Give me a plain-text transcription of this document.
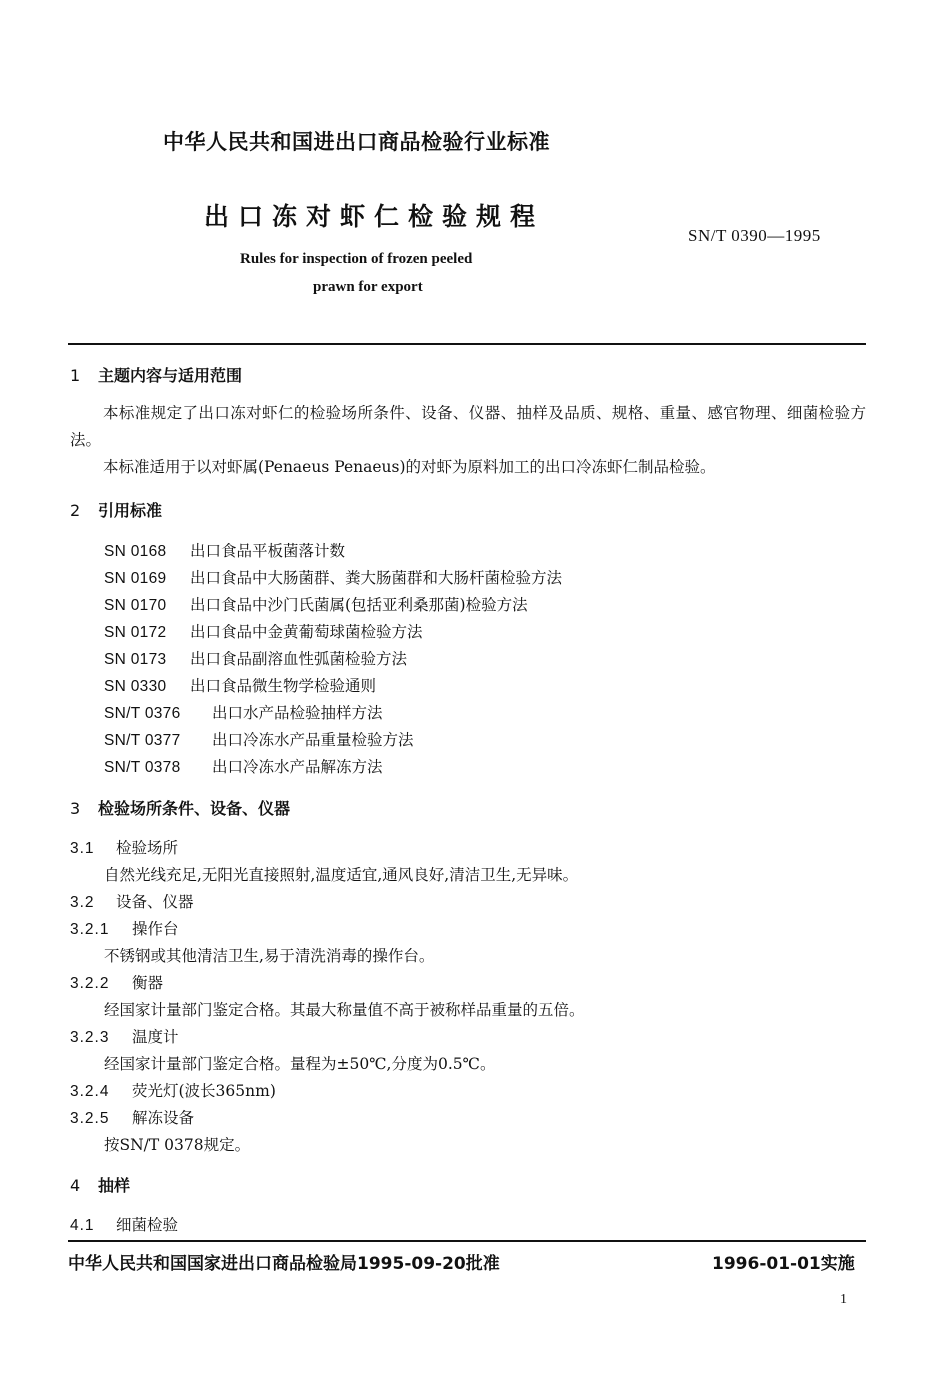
中华人民共和国进出口商品检验行业标准
出口冻对虾仁检验规程
SN/T 0390—1995
Rules for inspection of frozen peeled
prawn for export
1 主题内容与适用范围
本标准规定了出口冻对虾仁的检验场所条件、设备、仪器、抽样及品质、规格、重量、感官物理、细菌检验方法。
本标准适用于以对虾属(Penaeus Penaeus)的对虾为原料加工的出口冷冻虾仁制品检验。
2 引用标准
SN 0168 出口食品平板菌落计数
SN 0169 出口食品中大肠菌群、粪大肠菌群和大肠杆菌检验方法
SN 0170 出口食品中沙门氏菌属(包括亚利桑那菌)检验方法
SN 0172 出口食品中金黄葡萄球菌检验方法
SN 0173 出口食品副溶血性弧菌检验方法
SN 0330 出口食品微生物学检验通则
SN/T 0376 出口水产品检验抽样方法
SN/T 0377 出口冷冻水产品重量检验方法
SN/T 0378 出口冷冻水产品解冻方法
3 检验场所条件、设备、仪器
3.1 检验场所
自然光线充足,无阳光直接照射,温度适宜,通风良好,清洁卫生,无异味。
3.2 设备、仪器
3.2.1 操作台
不锈钢或其他清洁卫生,易于清洗消毒的操作台。
3.2.2 衡器
经国家计量部门鉴定合格。其最大称量值不高于被称样品重量的五倍。
3.2.3 温度计
经国家计量部门鉴定合格。量程为±50℃,分度为0.5℃。
3.2.4 荧光灯(波长365nm)
3.2.5 解冻设备
按SN/T 0378规定。
4 抽样
4.1 细菌检验
中华人民共和国国家进出口商品检验局1995-09-20批准	1996-01-01实施
1
